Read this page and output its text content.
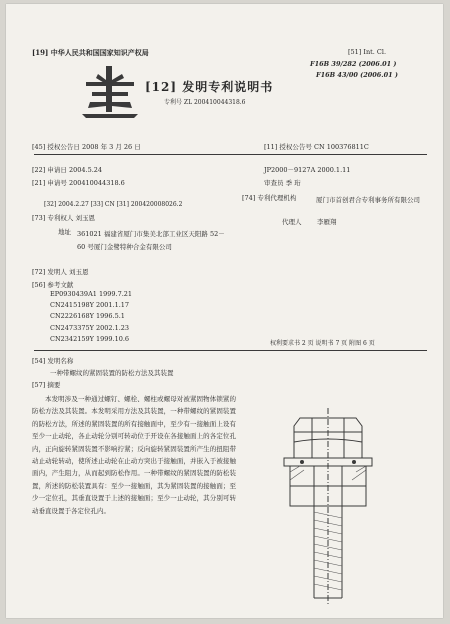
[19] 中华人民共和国国家知识产权局
[12] 发明专利说明书
专利号 ZL 200410044318.6
[51] Int. Cl.
F16B 39/282 (2006.01 )
F16B 43/00 (2006.01 )
[45] 授权公告日 2008 年 3 月 26 日	[11] 授权公告号 CN 100376811C
[22] 申请日 2004.5.24
[21] 申请号 200410044318.6
[32] 2004.2.27 [33] CN [31] 200420008026.2
[73] 专利权人 刘玉恩
地址 361021 福建省厦门市集美北部工业区天阳路 52－60 号厦门金鹭特种合金有限公司
[72] 发明人 刘玉恩
[56] 参考文献
EP0930439A1 1999.7.21
CN2415198Y 2001.1.17
CN2226168Y 1996.5.1
CN2473375Y 2002.1.23
CN2342159Y 1999.10.6
JP2000－9127A 2000.1.11
审查员 季 珩
[74] 专利代理机构	厦门市首创君合专利事务所有限公司
代理人 李雁翔
权利要求书 2 页 说明书 7 页 附图 6 页
[54] 发明名称
一种带螺纹的紧固装置的防松方法及其装置
[57] 摘要
本发明涉及一种通过螺钉、螺栓、螺柱或螺母对被紧固物体锁紧的防松方法及其装置。本发明采用方法及其装置，一种带螺纹的紧固装置的防松方法，所述的紧固装置的所有接触面中，至少有一接触面上设有至少一止动轮，各止动轮分别可转动位于开设在各接触面上的各定位孔内，正向旋转紧固装置不影响拧紧；反向旋转紧固装置所产生的扭阻带动止动轮转动，使所述止动轮在止动方突出于接触面，并嵌入于被接触面内，产生阻力，从而起到防松作用。一种带螺纹的紧固装置的防松装置，所述的防松装置具有：至少一接触面，其为紧固装置的接触面；至少一定位孔，其垂直设置于上述的接触面；至少一止动轮，其分别可转动垂直设置于各定位孔内。
